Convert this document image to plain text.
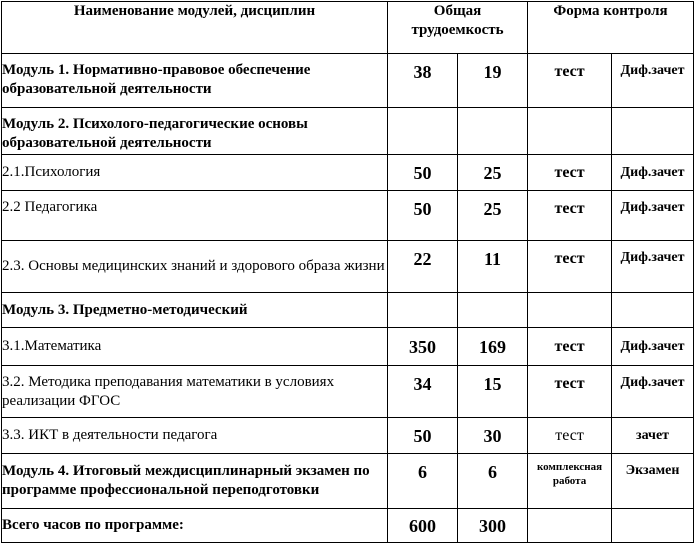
Наименование модулей, дисциплин	Общая трудоемкость		Форма контроля	
Модуль 1. Нормативно-правовое обеспечение образовательной деятельности	38	19	тест	Диф.зачет
Модуль 2. Психолого-педагогические основы образовательной деятельности				
2.1.Психология	50	25	тест	Диф.зачет
2.2 Педагогика	50	25	тест	Диф.зачет
2.3. Основы медицинских знаний и здорового образа жизни	22	11	тест	Диф.зачет
Модуль 3. Предметно-методический				
3.1.Математика	350	169	тест	Диф.зачет
3.2. Методика преподавания математики в условиях реализации ФГОС	34	15	тест	Диф.зачет
3.3. ИКТ в деятельности педагога	50	30	тест	зачет
Модуль 4. Итоговый междисциплинарный экзамен по программе профессиональной переподготовки	6	6	комплексная работа	Экзамен
Всего часов по программе:	600	300		
